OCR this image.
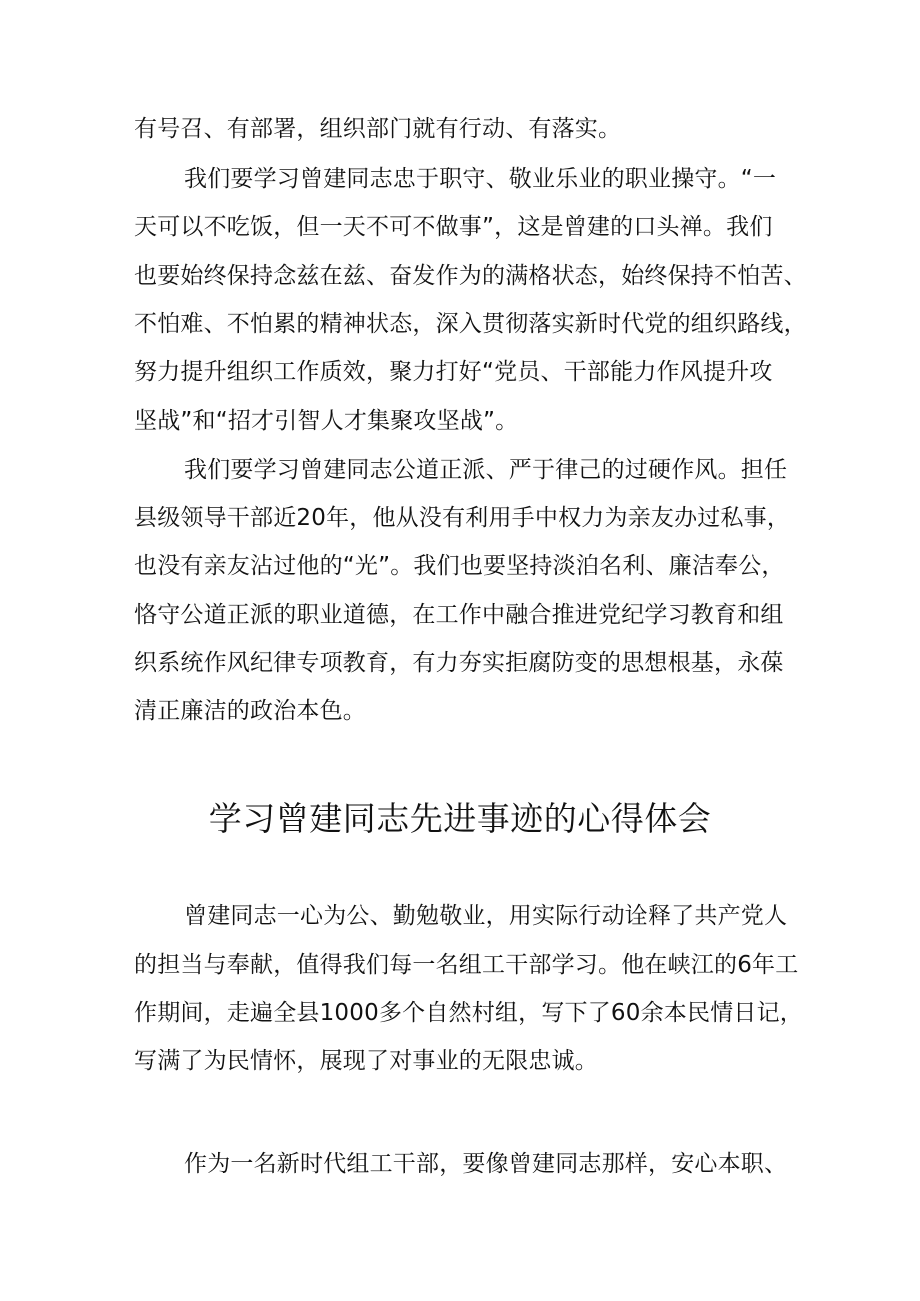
有号召、有部署，组织部门就有行动、有落实。

我们要学习曾建同志忠于职守、敬业乐业的职业操守。“一

天可以不吃饭，但一天不可不做事”，这是曾建的口头禅。我们

也要始终保持念兹在兹、奋发作为的满格状态，始终保持不怕苦、

不怕难、不怕累的精神状态，深入贯彻落实新时代党的组织路线，

努力提升组织工作质效，聚力打好“党员、干部能力作风提升攻

坚战”和“招才引智人才集聚攻坚战”。

我们要学习曾建同志公道正派、严于律己的过硬作风。担任

县级领导干部近20年，他从没有利用手中权力为亲友办过私事，

也没有亲友沾过他的“光”。我们也要坚持淡泊名利、廉洁奉公，

恪守公道正派的职业道德，在工作中融合推进党纪学习教育和组

织系统作风纪律专项教育，有力夯实拒腐防变的思想根基，永葆

清正廉洁的政治本色。

学习曾建同志先进事迹的心得体会

曾建同志一心为公、勤勉敬业，用实际行动诠释了共产党人

的担当与奉献，值得我们每一名组工干部学习。他在峡江的6年工

作期间，走遍全县1000多个自然村组，写下了60余本民情日记，

写满了为民情怀，展现了对事业的无限忠诚。

作为一名新时代组工干部，要像曾建同志那样，安心本职、
